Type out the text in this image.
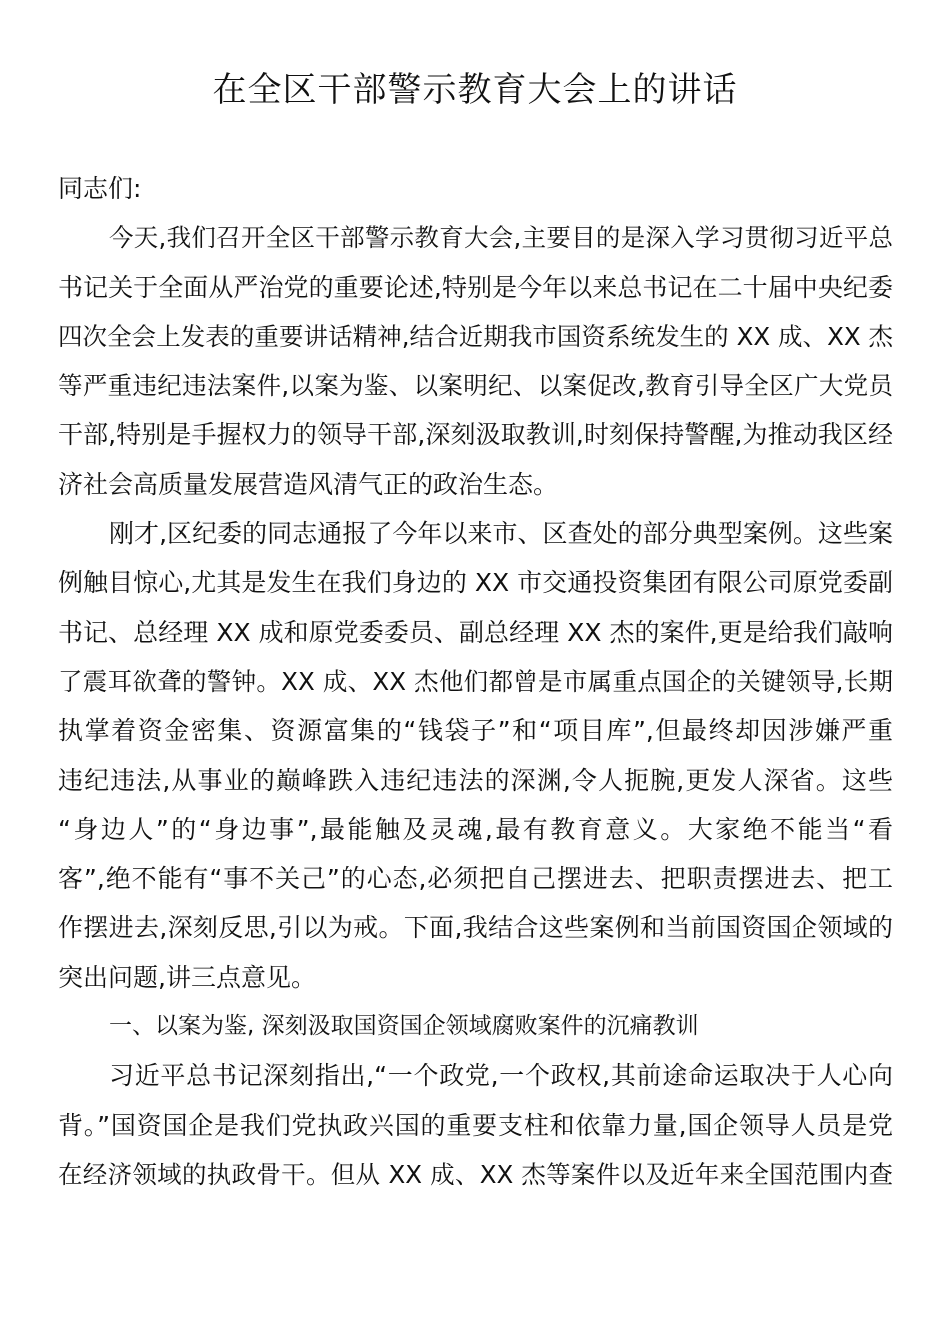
在全区干部警示教育大会上的讲话
同志们:
今天,我们召开全区干部警示教育大会,主要目的是深入学习贯彻习近平总
书记关于全面从严治党的重要论述,特别是今年以来总书记在二十届中央纪委
四次全会上发表的重要讲话精神,结合近期我市国资系统发生的 XX 成、XX 杰
等严重违纪违法案件,以案为鉴、以案明纪、以案促改,教育引导全区广大党员
干部,特别是手握权力的领导干部,深刻汲取教训,时刻保持警醒,为推动我区经
济社会高质量发展营造风清气正的政治生态。
刚才,区纪委的同志通报了今年以来市、区查处的部分典型案例。这些案
例触目惊心,尤其是发生在我们身边的 XX 市交通投资集团有限公司原党委副
书记、总经理 XX 成和原党委委员、副总经理 XX 杰的案件,更是给我们敲响
了震耳欲聋的警钟。XX 成、XX 杰他们都曾是市属重点国企的关键领导,长期
执掌着资金密集、资源富集的“钱袋子”和“项目库”,但最终却因涉嫌严重
违纪违法,从事业的巅峰跌入违纪违法的深渊,令人扼腕,更发人深省。这些
“身边人”的“身边事”,最能触及灵魂,最有教育意义。大家绝不能当“看
客”,绝不能有“事不关己”的心态,必须把自己摆进去、把职责摆进去、把工
作摆进去,深刻反思,引以为戒。下面,我结合这些案例和当前国资国企领域的
突出问题,讲三点意见。
一、以案为鉴, 深刻汲取国资国企领域腐败案件的沉痛教训
习近平总书记深刻指出,“一个政党,一个政权,其前途命运取决于人心向
背。”国资国企是我们党执政兴国的重要支柱和依靠力量,国企领导人员是党
在经济领域的执政骨干。但从 XX 成、XX 杰等案件以及近年来全国范围内查
